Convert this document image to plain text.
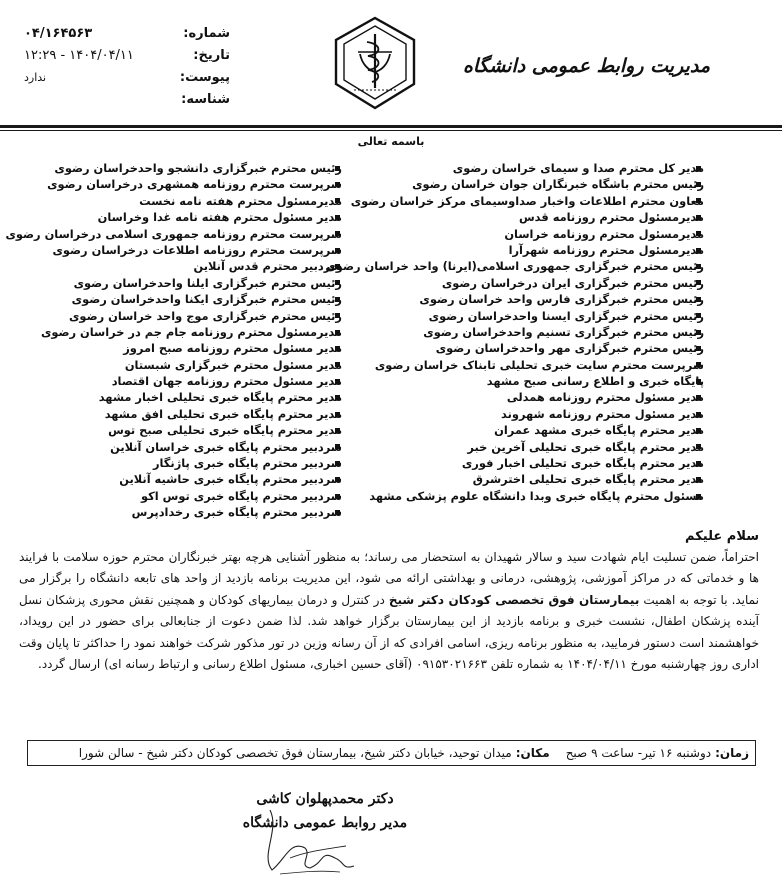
شماره:
۰۴/۱۶۴۵۶۳
تاریخ:
۱۴۰۴/۰۴/۱۱ - ۱۲:۲۹
پیوست:
ندارد
شناسه:
مدیریت روابط عمومی دانشگاه
باسمه تعالی
مدیر کل محترم صدا و سیمای خراسان رضوی
رئیس محترم باشگاه خبرنگاران جوان خراسان رضوی
معاون محترم اطلاعات واخبار صداوسیمای مرکز خراسان رضوی
مدیرمسئول محترم روزنامه قدس
مدیرمسئول محترم روزنامه خراسان
مدیرمسئول محترم روزنامه شهرآرا
رئیس محترم خبرگزاری جمهوری اسلامی(ایرنا) واحد خراسان رضوی
رئیس محترم خبرگزاری ایران درخراسان رضوی
رئیس محترم خبرگزاری فارس واحد خراسان رضوی
رئیس محترم خبرگزاری ایسنا واحدخراسان رضوی
رئیس محترم خبرگزاری تسنیم واحدخراسان رضوی
رئیس محترم خبرگزاری مهر واحدخراسان رضوی
سرپرست محترم سایت خبری تحلیلی تابناک خراسان رضوی
پایگاه خبری و اطلاع رسانی صبح مشهد
مدیر مسئول محترم روزنامه همدلی
مدیر مسئول محترم روزنامه شهروند
مدیر محترم پایگاه خبری مشهد عمران
مدیر محترم پایگاه خبری تحلیلی آخرین خبر
مدیر محترم پایگاه خبری تحلیلی اخبار فوری
مدیر محترم پایگاه خبری تحلیلی اخترشرق
مسئول محترم پایگاه خبری وبدا دانشگاه علوم پزشکی مشهد
رئیس محترم خبرگزاری دانشجو واحدخراسان رضوی
سرپرست محترم روزنامه همشهری درخراسان رضوی
مدیرمسئول محترم هفته نامه نخست
مدیر مسئول محترم هفته نامه غدا وخراسان
سرپرست محترم روزنامه جمهوری اسلامی درخراسان رضوی
سرپرست محترم روزنامه اطلاعات درخراسان رضوی
سردبیر محترم قدس آنلاین
رئیس محترم خبرگزاری ایلنا واحدخراسان رضوی
رئیس محترم خبرگزاری ایکنا واحدخراسان رضوی
رئیس محترم خبرگزاری موج واحد خراسان رضوی
مدیرمسئول محترم روزنامه جام جم در خراسان رضوی
مدیر مسئول محترم روزنامه صبح امروز
مدیر مسئول محترم خبرگزاری شبستان
مدیر مسئول محترم روزنامه جهان اقتصاد
مدیر محترم پایگاه خبری تحلیلی اخبار مشهد
مدیر محترم پایگاه خبری تحلیلی افق مشهد
مدیر محترم پایگاه خبری تحلیلی صبح توس
سردبیر محترم پایگاه خبری خراسان آنلاین
سردبیر محترم پایگاه خبری پاژنگار
سردبیر محترم پایگاه خبری حاشیه آنلاین
سردبیر محترم پایگاه خبری توس اکو
سردبیر محترم پایگاه خبری رخدادپرس
سلام علیکم
احتراماً، ضمن تسلیت ایام شهادت سید و سالار شهیدان به استحضار می رساند؛ به منظور آشنایی هرچه بهتر خبرنگاران محترم حوزه سلامت با فرایند ها و خدماتی که در مراکز آموزشی، پژوهشی، درمانی و بهداشتی ارائه می شود، این مدیریت برنامه بازدید از واحد های تابعه دانشگاه را برگزار می نماید. با توجه به اهمیت بیمارستان فوق تخصصی کودکان دکتر شیخ در کنترل و درمان بیماریهای کودکان و همچنین نقش محوری پزشکان نسل آینده پزشکان اطفال، نشست خبری و برنامه بازدید از این بیمارستان برگزار خواهد شد. لذا ضمن دعوت از جنابعالی برای حضور در این رویداد، خواهشمند است دستور فرمایید، به منظور برنامه ریزی، اسامی افرادی که از آن رسانه وزین در تور مذکور شرکت خواهند نمود را حداکثر تا پایان وقت اداری روز چهارشنبه مورخ ۱۴۰۴/۰۴/۱۱ به شماره تلفن ۰۹۱۵۳۰۲۱۶۶۳ (آقای حسین اخباری، مسئول اطلاع رسانی و ارتباط رسانه ای) ارسال گردد.
زمان:
دوشنبه ۱۶ تیر- ساعت ۹ صبح
مکان:
میدان توحید، خیابان دکتر شیخ، بیمارستان فوق تخصصی کودکان دکتر شیخ - سالن شورا
دکتر محمدپهلوان کاشی
مدیر روابط عمومی دانشگاه
